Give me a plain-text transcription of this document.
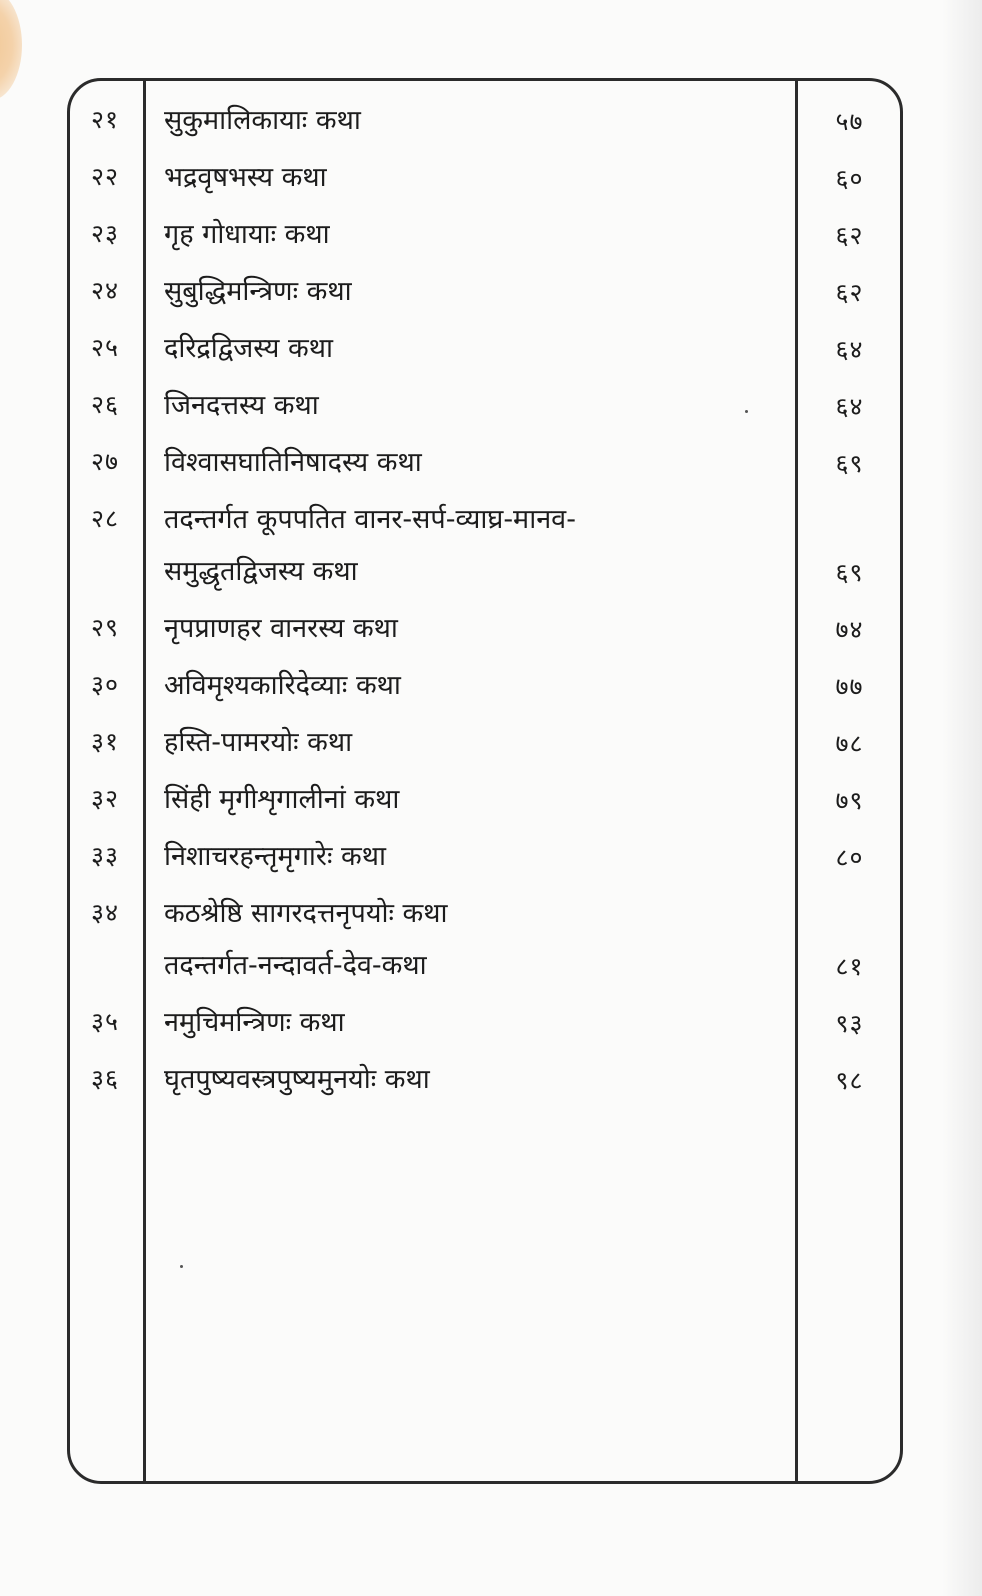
२१	सुकुमालिकायाः कथा	५७
२२	भद्रवृषभस्य कथा	६०
२३	गृह गोधायाः कथा	६२
२४	सुबुद्धिमन्त्रिणः कथा	६२
२५	दरिद्रद्विजस्य कथा	६४
२६	जिनदत्तस्य कथा	६४
२७	विश्वासघातिनिषादस्य कथा	६९
२८	तदन्तर्गत कूपपतित वानर-सर्प-व्याघ्र-मानव-
समुद्धृतद्विजस्य कथा	६९
२९	नृपप्राणहर वानरस्य कथा	७४
३०	अविमृश्यकारिदेव्याः कथा	७७
३१	हस्ति-पामरयोः कथा	७८
३२	सिंही मृगीशृगालीनां कथा	७९
३३	निशाचरहन्तृमृगारेः कथा	८०
३४	कठश्रेष्ठि सागरदत्तनृपयोः कथा
तदन्तर्गत-नन्दावर्त-देव-कथा	८१
३५	नमुचिमन्त्रिणः कथा	९३
३६	घृतपुष्यवस्त्रपुष्यमुनयोः कथा	९८
